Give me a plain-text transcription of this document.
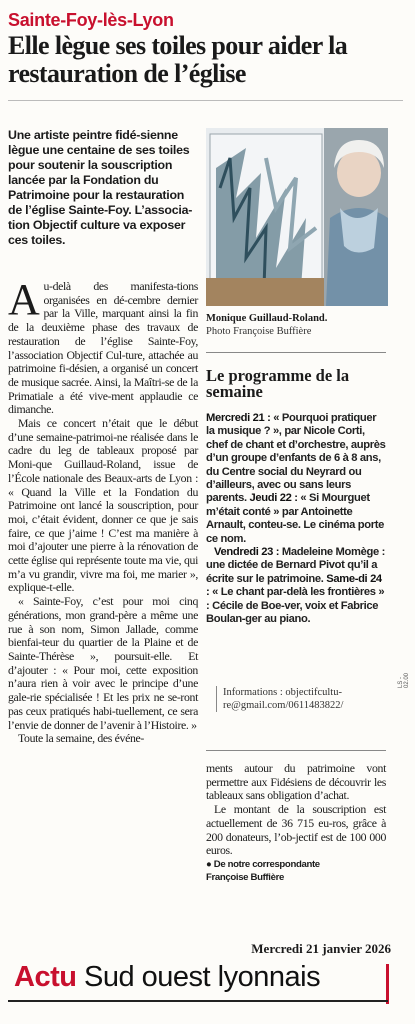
Sainte-Foy-lès-Lyon
Elle lègue ses toiles pour aider la restauration de l’église
Une artiste peintre fidé-sienne lègue une centaine de ses toiles pour soutenir la souscription lancée par la Fondation du Patrimoine pour la restauration de l’église Sainte-Foy. L’associa-tion Objectif culture va exposer ces toiles.
Monique Guillaud-Roland.
Photo Françoise Buffière

Au-delà des manifesta-tions organisées en dé-cembre dernier par la Ville, marquant ainsi la fin de la deuxième phase des travaux de restauration de l’église Sainte-Foy, l’association Objectif Cul-ture, attachée au patrimoine fi-désien, a organisé un concert de musique sacrée. Ainsi, la Maîtri-se de la Primatiale a été vive-ment applaudie ce dimanche.

Mais ce concert n’était que le début d’une semaine-patrimoi-ne réalisée dans le cadre du leg de tableaux proposé par Moni-que Guillaud-Roland, issue de l’École nationale des Beaux-arts de Lyon : « Quand la Ville et la Fondation du Patrimoine ont lancé la souscription, pour moi, c’était évident, donner ce que je sais faire, ce que j’aime ! C’est ma manière à moi d’ajouter une pierre à la rénovation de cette église qui représente toute ma vie, qui m’a vu grandir, vivre ma foi, me marier », explique-t-elle.

« Sainte-Foy, c’est pour moi cinq générations, mon grand-père a même une rue à son nom, Simon Jallade, comme bienfai-teur du quartier de la Plaine et de Sainte-Thérèse », poursuit-elle. Et d’ajouter : « Pour moi, cette exposition n’aura rien à voir avec le principe d’une gale-rie spécialisée ! Et les prix ne se-ront pas ceux pratiqués habi-tuellement, ce sera l’envie de donner de l’avenir à l’Histoire. »

Toute la semaine, des événe-

Le programme de la semaine

Mercredi 21 : « Pourquoi pratiquer la musique ? », par Nicole Corti, chef de chant et d’orchestre, auprès d’un groupe d’enfants de 6 à 8 ans, du Centre social du Neyrard ou d’ailleurs, avec ou sans leurs parents. Jeudi 22 : « Si Mourguet m’était conté » par Antoinette Arnault, conteu-se. Le cinéma porte ce nom.

Vendredi 23 : Madeleine Momège : une dictée de Bernard Pivot qu’il a écrite sur le patrimoine. Same-di 24 : « Le chant par-delà les frontières » : Cécile de Boe-ver, voix et Fabrice Boulan-ger au piano.

Informations : objectifcultu-re@gmail.com/0611483822/
LS - 02.00

ments autour du patrimoine vont permettre aux Fidésiens de découvrir les tableaux sans obligation d’achat.

Le montant de la souscription est actuellement de 36 715 eu-ros, grâce à 200 donateurs, l’ob-jectif est de 100 000 euros.

● De notre correspondante
Françoise Buffière
Mercredi 21 janvier 2026
Actu Sud ouest lyonnais
